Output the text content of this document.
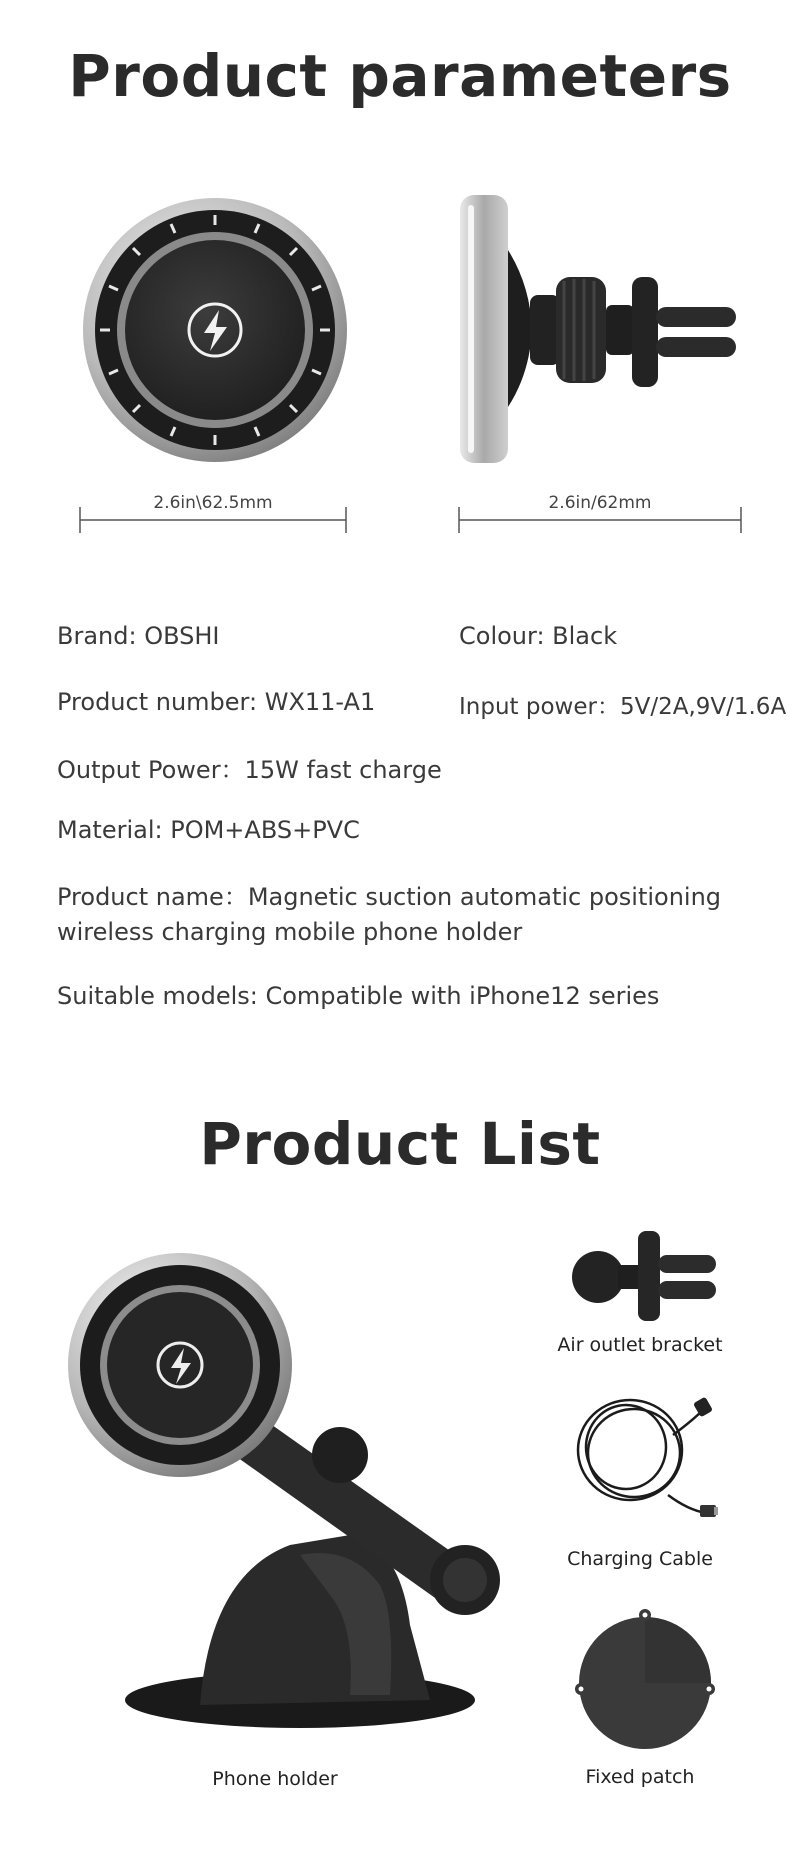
Product parameters
2.6in\62.5mm	2.6in/62mm
Brand: OBSHI	Colour: Black
Product number: WX11-A1	Input power：5V/2A,9V/1.6A
Output Power：15W fast charge
Material: POM+ABS+PVC
Product name：Magnetic suction automatic positioning wireless charging mobile phone holder
Suitable models: Compatible with iPhone12 series
Product List
Phone holder
Air outlet bracket
Charging Cable
Fixed patch
